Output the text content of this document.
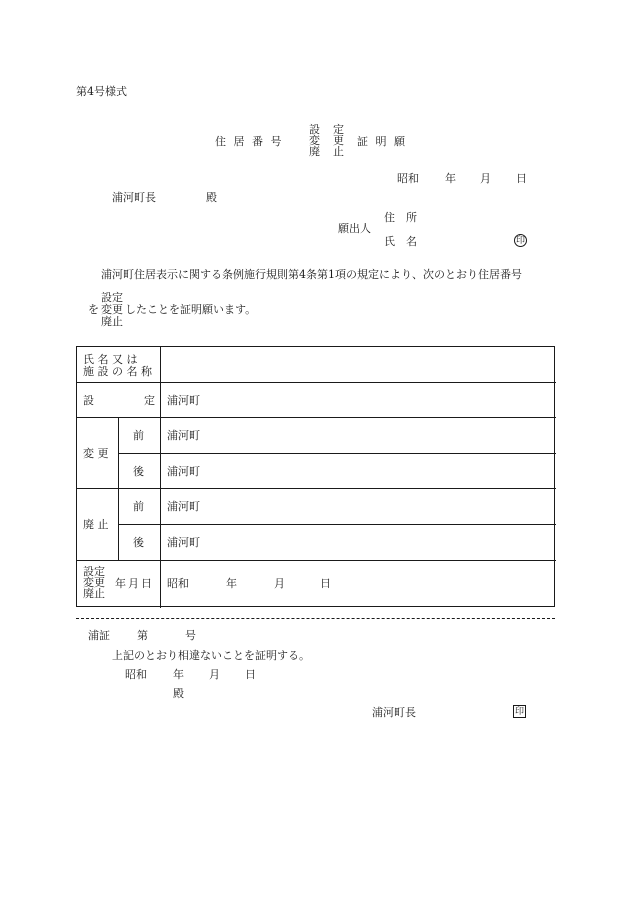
第4号様式
住 居 番 号
設
変
廃
定
更
止
証 明 願
昭和 年 月 日
浦河町長	殿
願出人
住　所
氏　名	印
浦河町住居表示に関する条例施行規則第4条第1項の規定により、次のとおり住居番号
設定
を 変更 したことを証明願います。
廃止
氏 名 又 は
施 設 の 名 称
設	定 浦河町
変 更
前 浦河町
後 浦河町
廃 止
前 浦河町
後 浦河町
設定
変更
廃止
年月日 昭和	年	月	日
浦証 第	号
上記のとおり相違ないことを証明する。
昭和 年 月 日
殿
浦河町長	印
